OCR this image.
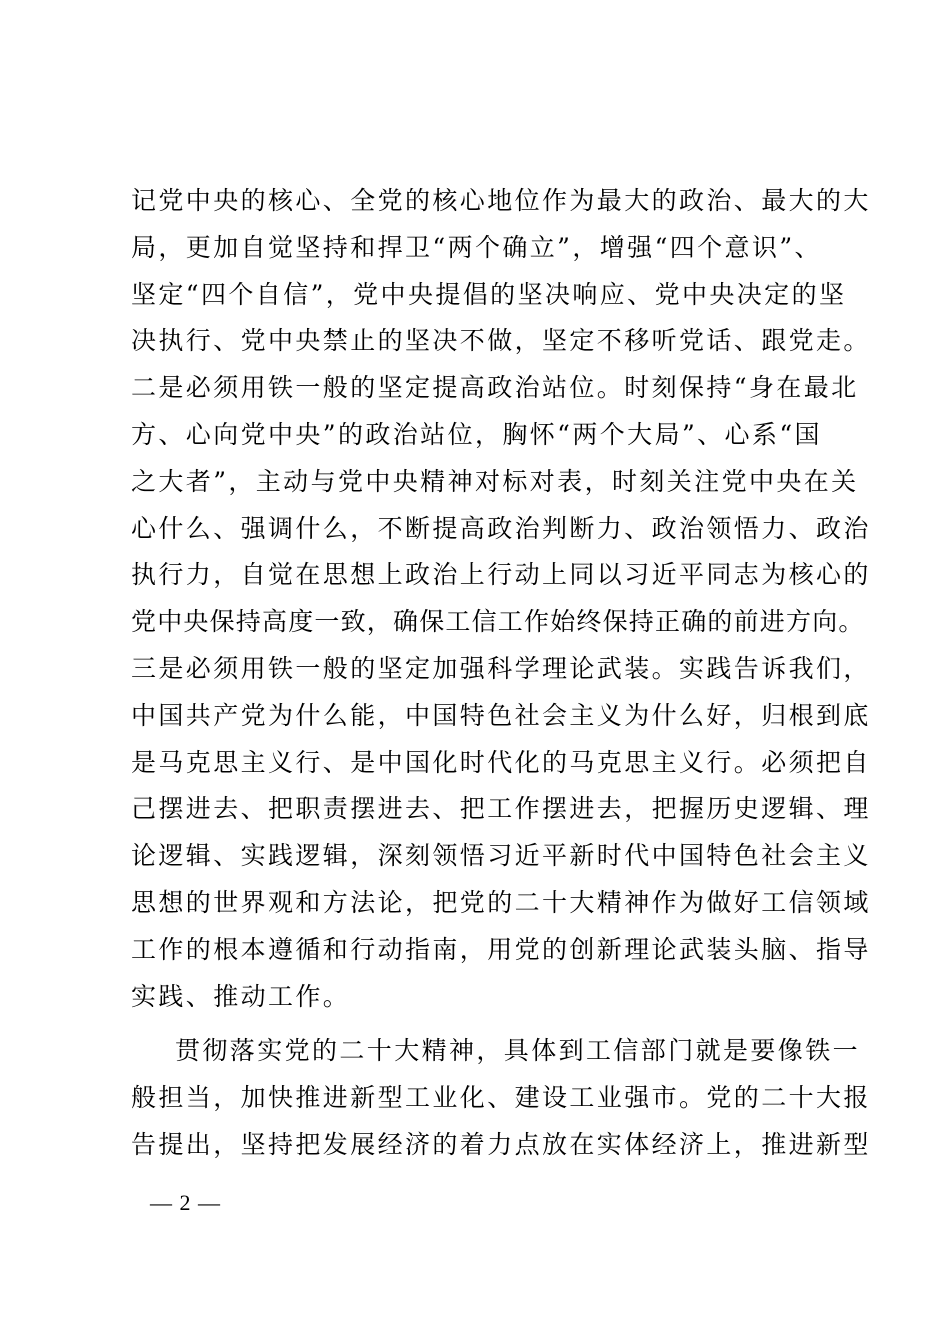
记党中央的核心、全党的核心地位作为最大的政治、最大的大
局，更加自觉坚持和捍卫“两个确立”，增强“四个意识”、
坚定“四个自信”，党中央提倡的坚决响应、党中央决定的坚
决执行、党中央禁止的坚决不做，坚定不移听党话、跟党走。
二是必须用铁一般的坚定提高政治站位。时刻保持“身在最北
方、心向党中央”的政治站位，胸怀“两个大局”、心系“国
之大者”，主动与党中央精神对标对表，时刻关注党中央在关
心什么、强调什么，不断提高政治判断力、政治领悟力、政治
执行力，自觉在思想上政治上行动上同以习近平同志为核心的
党中央保持高度一致，确保工信工作始终保持正确的前进方向。
三是必须用铁一般的坚定加强科学理论武装。实践告诉我们，
中国共产党为什么能，中国特色社会主义为什么好，归根到底
是马克思主义行、是中国化时代化的马克思主义行。必须把自
己摆进去、把职责摆进去、把工作摆进去，把握历史逻辑、理
论逻辑、实践逻辑，深刻领悟习近平新时代中国特色社会主义
思想的世界观和方法论，把党的二十大精神作为做好工信领域
工作的根本遵循和行动指南，用党的创新理论武装头脑、指导
实践、推动工作。
贯彻落实党的二十大精神，具体到工信部门就是要像铁一
般担当，加快推进新型工业化、建设工业强市。党的二十大报
告提出，坚持把发展经济的着力点放在实体经济上，推进新型
— 2 —
